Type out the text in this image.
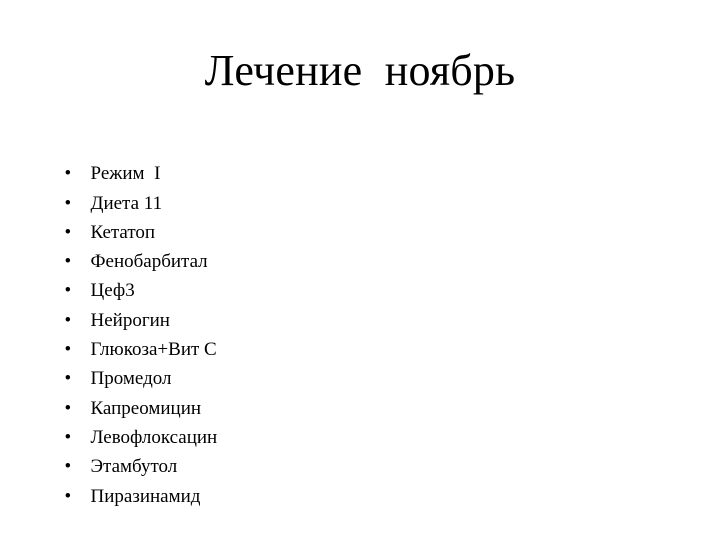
Лечение  ноябрь

• Режим  I

• Диета 11

• Кетатоп

• Фенобарбитал

• Цеф3

• Нейрогин

• Глюкоза+Вит С

• Промедол

• Капреомицин

• Левофлоксацин

• Этамбутол

• Пиразинамид
